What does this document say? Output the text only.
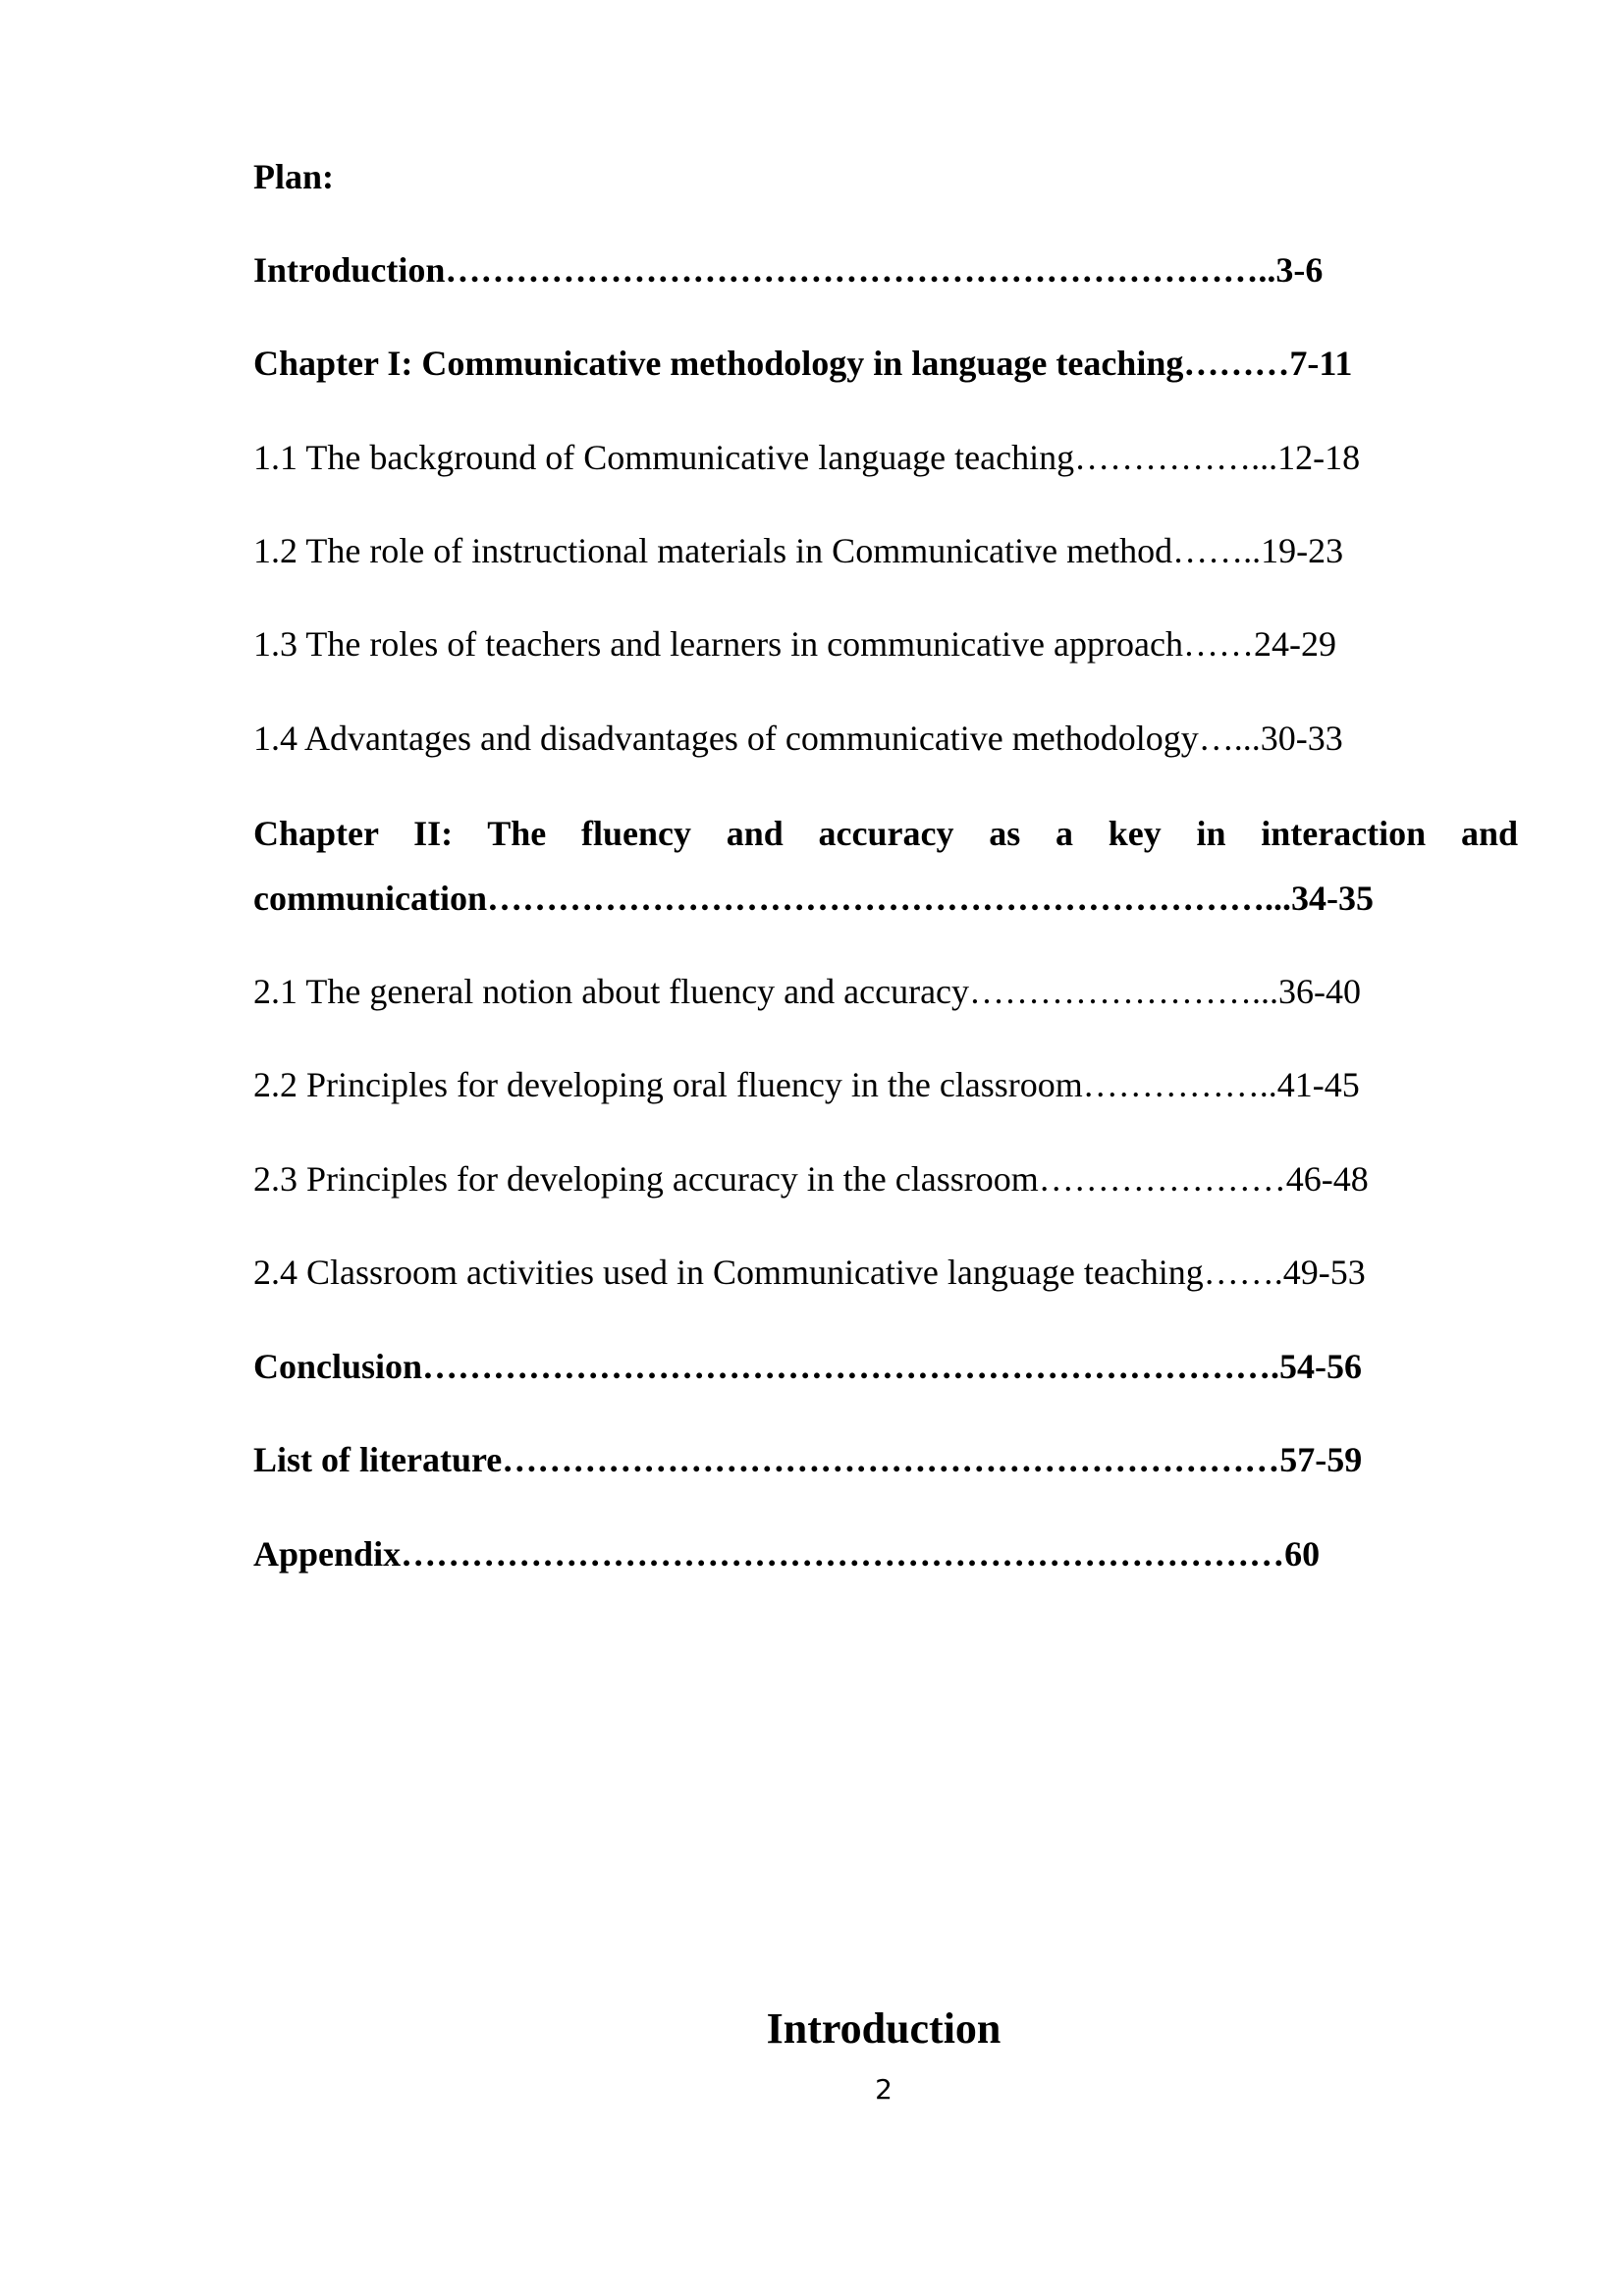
Plan:
Introduction……………………………………………………………..3-6
Chapter I: Communicative methodology in language teaching………7-11
1.1 The background of Communicative language teaching……………...12-18
1.2 The role of instructional materials in Communicative method……..19-23
1.3 The roles of teachers and learners in communicative approach……24-29
1.4 Advantages and disadvantages of communicative methodology…...30-33
Chapter II: The fluency and accuracy as a key in interaction and
communication…………………………………………………………...34-35
2.1 The general notion about fluency and accuracy……………………...36-40
2.2 Principles for developing oral fluency in the classroom……………..41-45
2.3 Principles for developing accuracy in the classroom…………………46-48
2.4 Classroom activities used in Communicative language teaching…….49-53
Conclusion……………………………………………………………….54-56
List of literature…………………………………………………………57-59
Appendix…………………………………………………………………60
Introduction
2
